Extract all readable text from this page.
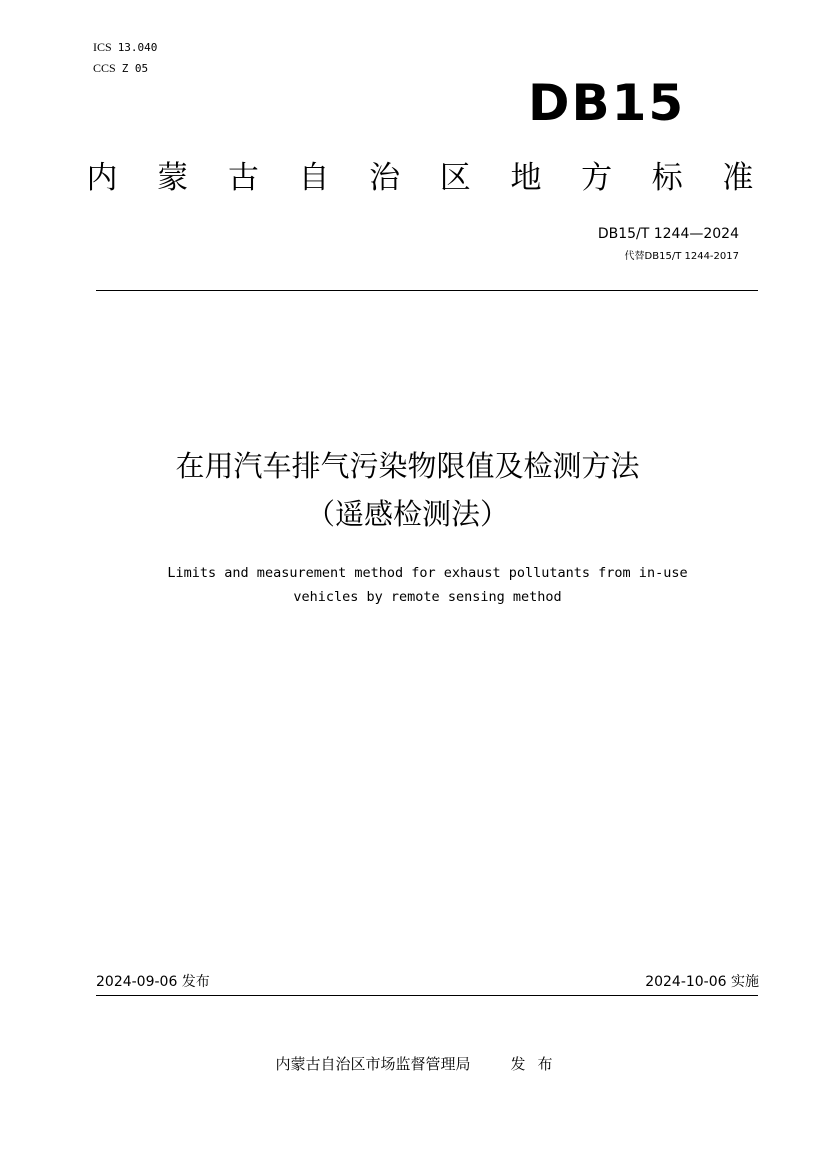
ICS 13.040
CCS Z 05
DB15
内 蒙 古 自 治 区 地 方 标 准
DB15/T 1244—2024
代替DB15/T 1244-2017
在用汽车排气污染物限值及检测方法
（遥感检测法）
Limits and measurement method for exhaust pollutants from in-use
vehicles by remote sensing method
2024-09-06 发布	2024-10-06 实施
内蒙古自治区市场监督管理局	发布
